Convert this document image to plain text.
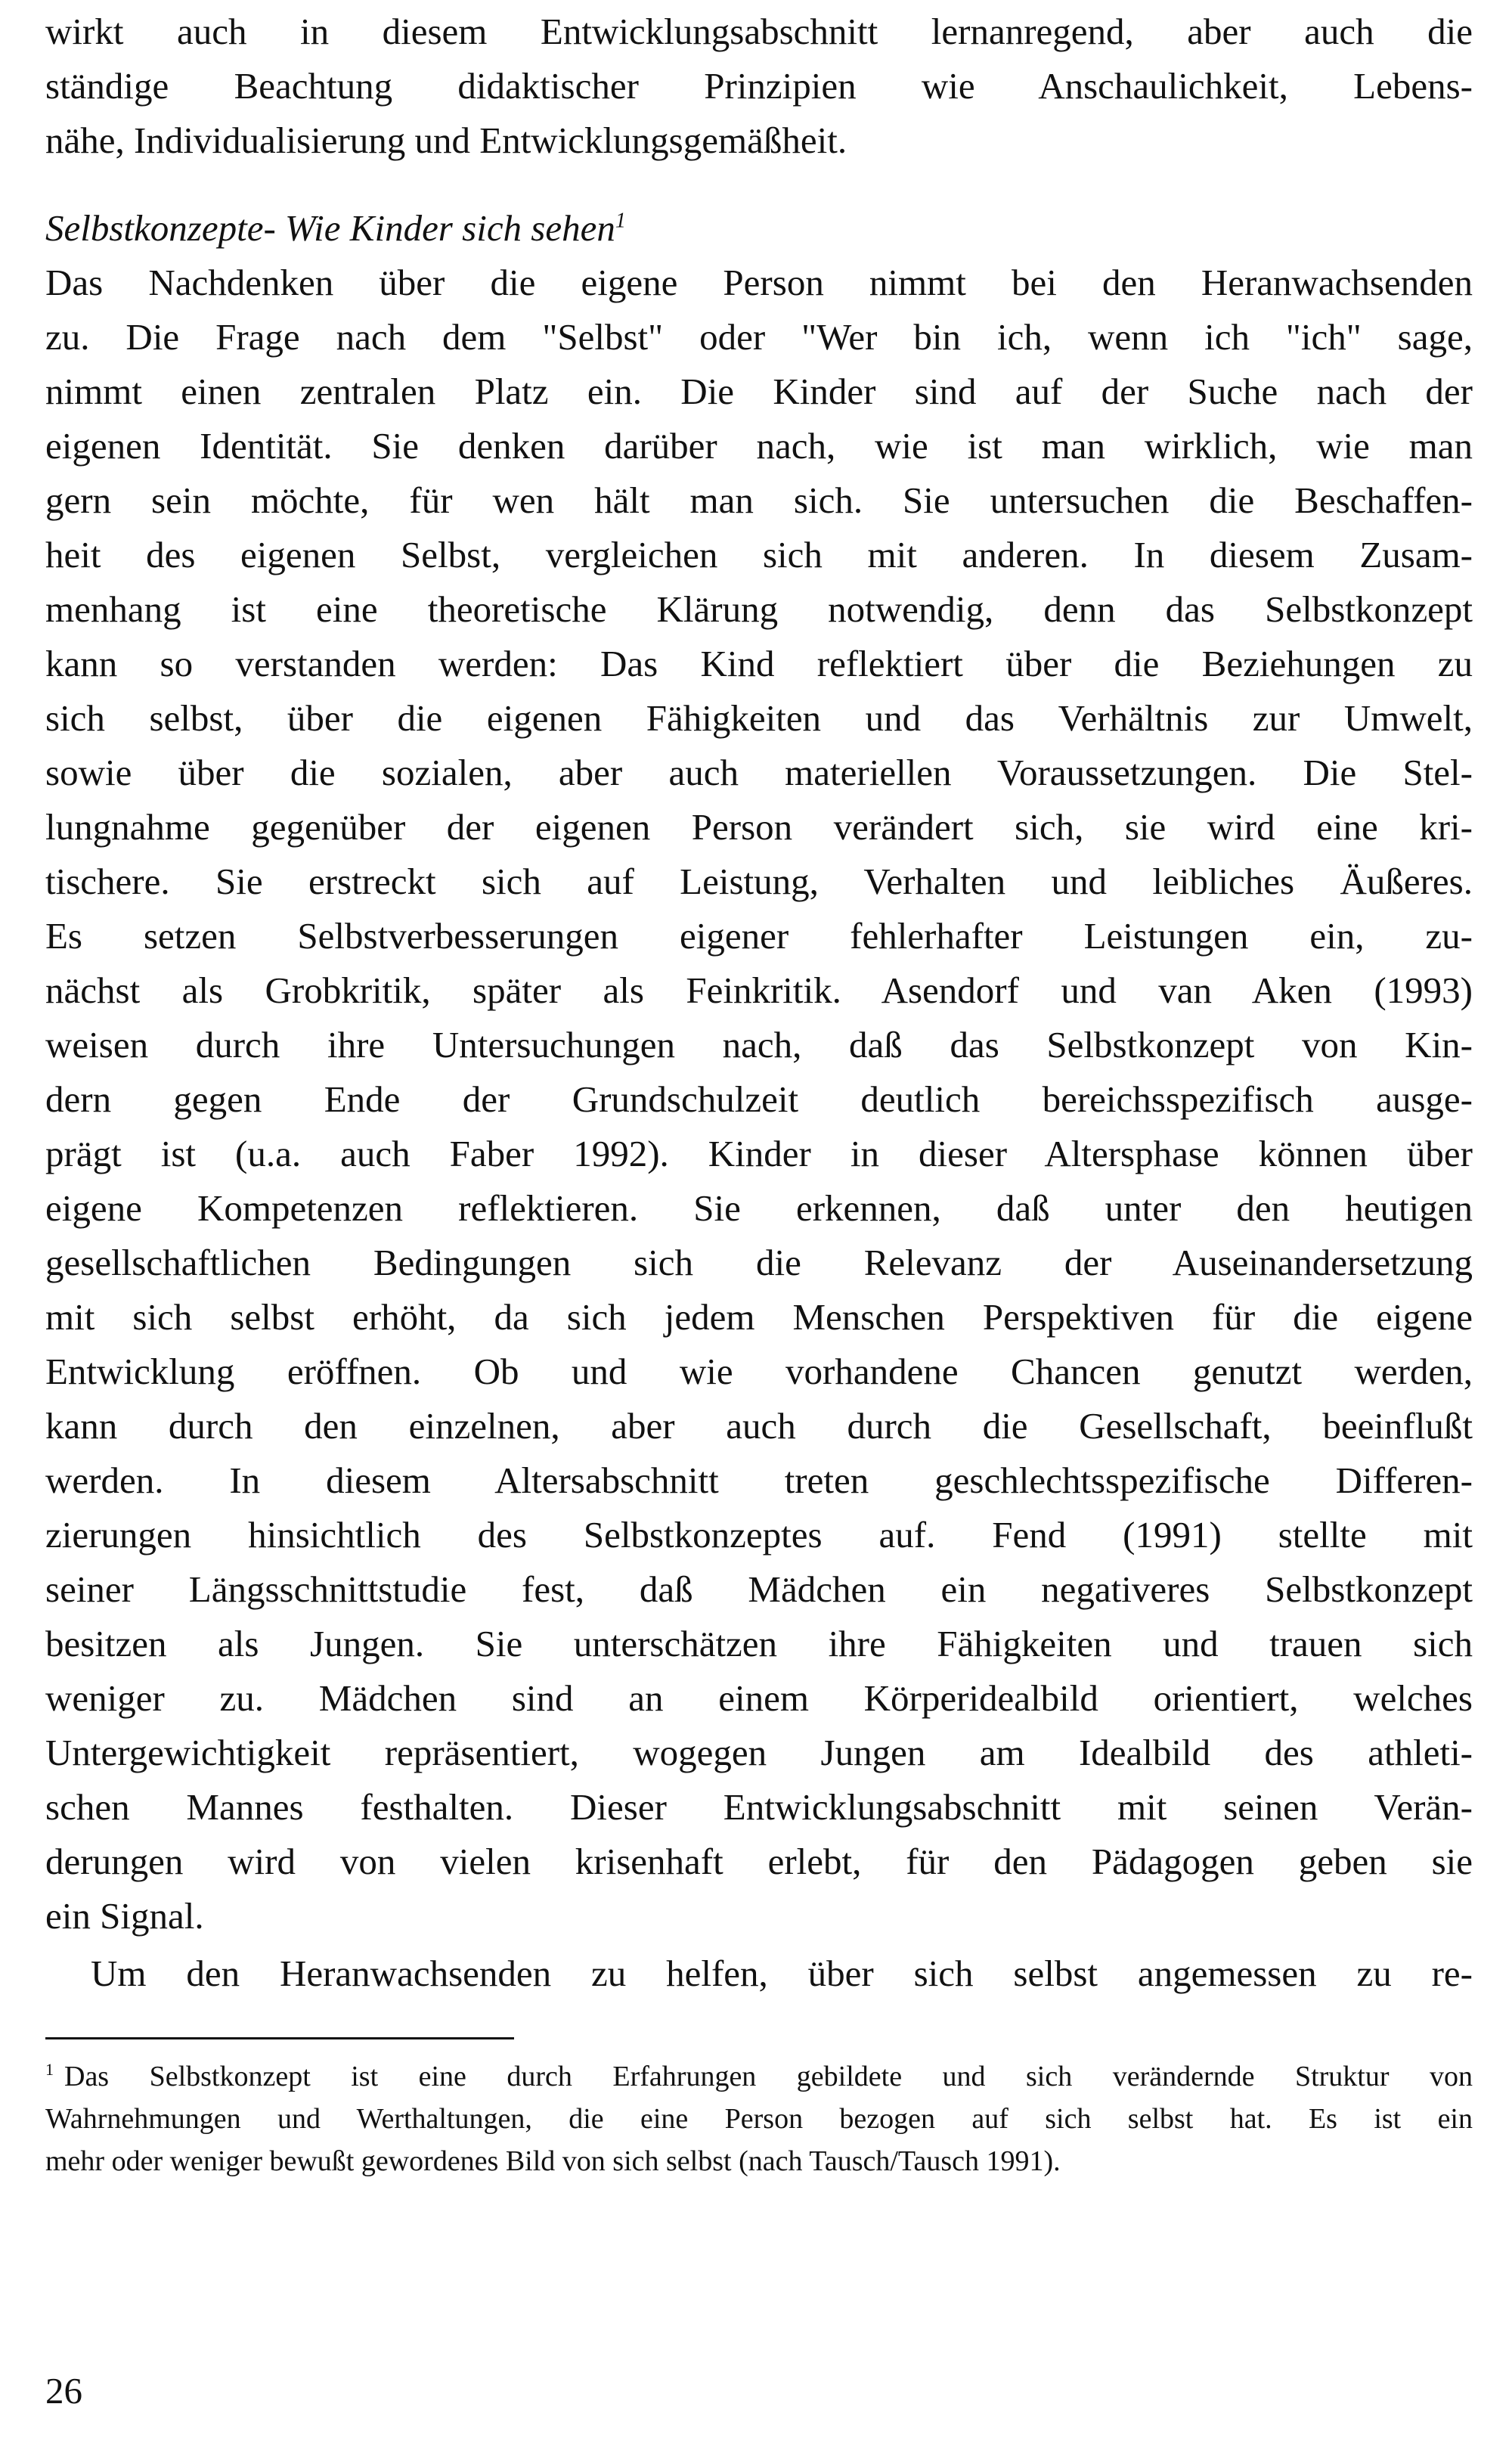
wirkt auch in diesem Entwicklungsabschnitt lernanregend, aber auch die
ständige Beachtung didaktischer Prinzipien wie Anschaulichkeit, Lebens-
nähe, Individualisierung und Entwicklungsgemäßheit.
Selbstkonzepte- Wie Kinder sich sehen$^1$
Das Nachdenken über die eigene Person nimmt bei den Heranwachsenden
zu. Die Frage nach dem "Selbst" oder "Wer bin ich, wenn ich "ich" sage,
nimmt einen zentralen Platz ein. Die Kinder sind auf der Suche nach der
eigenen Identität. Sie denken darüber nach, wie ist man wirklich, wie man
gern sein möchte, für wen hält man sich. Sie untersuchen die Beschaffen-
heit des eigenen Selbst, vergleichen sich mit anderen. In diesem Zusam-
menhang ist eine theoretische Klärung notwendig, denn das Selbstkonzept
kann so verstanden werden: Das Kind reflektiert über die Beziehungen zu
sich selbst, über die eigenen Fähigkeiten und das Verhältnis zur Umwelt,
sowie über die sozialen, aber auch materiellen Voraussetzungen. Die Stel-
lungnahme gegenüber der eigenen Person verändert sich, sie wird eine kri-
tischere. Sie erstreckt sich auf Leistung, Verhalten und leibliches Äußeres.
Es setzen Selbstverbesserungen eigener fehlerhafter Leistungen ein, zu-
nächst als Grobkritik, später als Feinkritik. Asendorf und van Aken (1993)
weisen durch ihre Untersuchungen nach, daß das Selbstkonzept von Kin-
dern gegen Ende der Grundschulzeit deutlich bereichsspezifisch ausge-
prägt ist (u.a. auch Faber 1992). Kinder in dieser Altersphase können über
eigene Kompetenzen reflektieren. Sie erkennen, daß unter den heutigen
gesellschaftlichen Bedingungen sich die Relevanz der Auseinandersetzung
mit sich selbst erhöht, da sich jedem Menschen Perspektiven für die eigene
Entwicklung eröffnen. Ob und wie vorhandene Chancen genutzt werden,
kann durch den einzelnen, aber auch durch die Gesellschaft, beeinflußt
werden. In diesem Altersabschnitt treten geschlechtsspezifische Differen-
zierungen hinsichtlich des Selbstkonzeptes auf. Fend (1991) stellte mit
seiner Längsschnittstudie fest, daß Mädchen ein negativeres Selbstkonzept
besitzen als Jungen. Sie unterschätzen ihre Fähigkeiten und trauen sich
weniger zu. Mädchen sind an einem Körperidealbild orientiert, welches
Untergewichtigkeit repräsentiert, wogegen Jungen am Idealbild des athleti-
schen Mannes festhalten. Dieser Entwicklungsabschnitt mit seinen Verän-
derungen wird von vielen krisenhaft erlebt, für den Pädagogen geben sie
ein Signal.
Um den Heranwachsenden zu helfen, über sich selbst angemessen zu re-
$^1$ Das Selbstkonzept ist eine durch Erfahrungen gebildete und sich verändernde Struktur von
Wahrnehmungen und Werthaltungen, die eine Person bezogen auf sich selbst hat. Es ist ein
mehr oder weniger bewußt gewordenes Bild von sich selbst (nach Tausch/Tausch 1991).
26
